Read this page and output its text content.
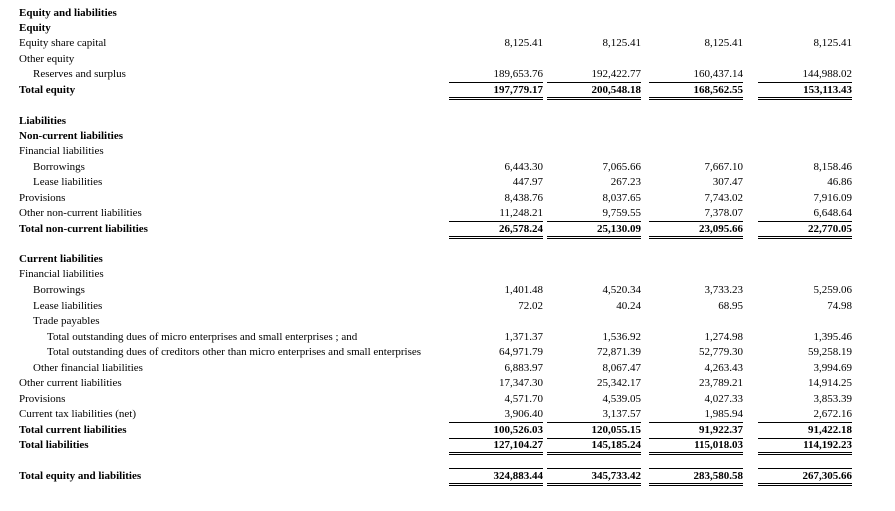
Equity and liabilities
Equity
Equity share capital	8,125.41	8,125.41	8,125.41	8,125.41
Other equity
Reserves and surplus	189,653.76	192,422.77	160,437.14	144,988.02
Total equity	197,779.17	200,548.18	168,562.55	153,113.43
Liabilities
Non-current liabilities
Financial liabilities
Borrowings	6,443.30	7,065.66	7,667.10	8,158.46
Lease liabilities	447.97	267.23	307.47	46.86
Provisions	8,438.76	8,037.65	7,743.02	7,916.09
Other non-current liabilities	11,248.21	9,759.55	7,378.07	6,648.64
Total non-current liabilities	26,578.24	25,130.09	23,095.66	22,770.05
Current liabilities
Financial liabilities
Borrowings	1,401.48	4,520.34	3,733.23	5,259.06
Lease liabilities	72.02	40.24	68.95	74.98
Trade payables
Total outstanding dues of micro enterprises and small enterprises ; and	1,371.37	1,536.92	1,274.98	1,395.46
Total outstanding dues of creditors other than micro enterprises and small enterprises	64,971.79	72,871.39	52,779.30	59,258.19
Other financial liabilities	6,883.97	8,067.47	4,263.43	3,994.69
Other current liabilities	17,347.30	25,342.17	23,789.21	14,914.25
Provisions	4,571.70	4,539.05	4,027.33	3,853.39
Current tax liabilities (net)	3,906.40	3,137.57	1,985.94	2,672.16
Total current liabilities	100,526.03	120,055.15	91,922.37	91,422.18
Total liabilities	127,104.27	145,185.24	115,018.03	114,192.23
Total equity and liabilities	324,883.44	345,733.42	283,580.58	267,305.66
